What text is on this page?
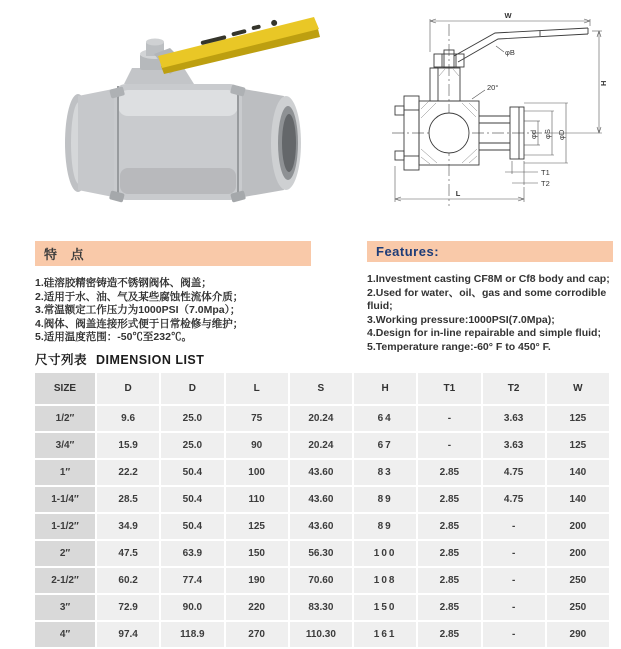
W
φB
20°	H
φd φS φD
T1
T2
L
特 点
1.硅溶胶精密铸造不锈钢阀体、阀盖；
2.适用于水、油、气及某些腐蚀性流体介质；
3.常温额定工作压力为1000PSI（7.0Mpa）；
4.阀体、阀盖连接形式便于日常检修与维护；
5.适用温度范围：-50℃至232℃。
Features:
1.Investment casting CF8M or Cf8 body and cap;
2.Used for water、oil、gas and some corrodible fluid;
3.Working pressure:1000PSI(7.0Mpa);
4.Design for in-line repairable and simple fluid;
5.Temperature range:-60° F to 450° F.
尺寸列表 DIMENSION LIST
SIZE	D	D	L	S	H	T1	T2	W
1/2″	9.6	25.0	75	20.24	64	-	3.63	125
3/4″	15.9	25.0	90	20.24	67	-	3.63	125
1″	22.2	50.4	100	43.60	83	2.85	4.75	140
1-1/4″	28.5	50.4	110	43.60	89	2.85	4.75	140
1-1/2″	34.9	50.4	125	43.60	89	2.85	-	200
2″	47.5	63.9	150	56.30	100	2.85	-	200
2-1/2″	60.2	77.4	190	70.60	108	2.85	-	250
3″	72.9	90.0	220	83.30	150	2.85	-	250
4″	97.4	118.9	270	110.30	161	2.85	-	290
